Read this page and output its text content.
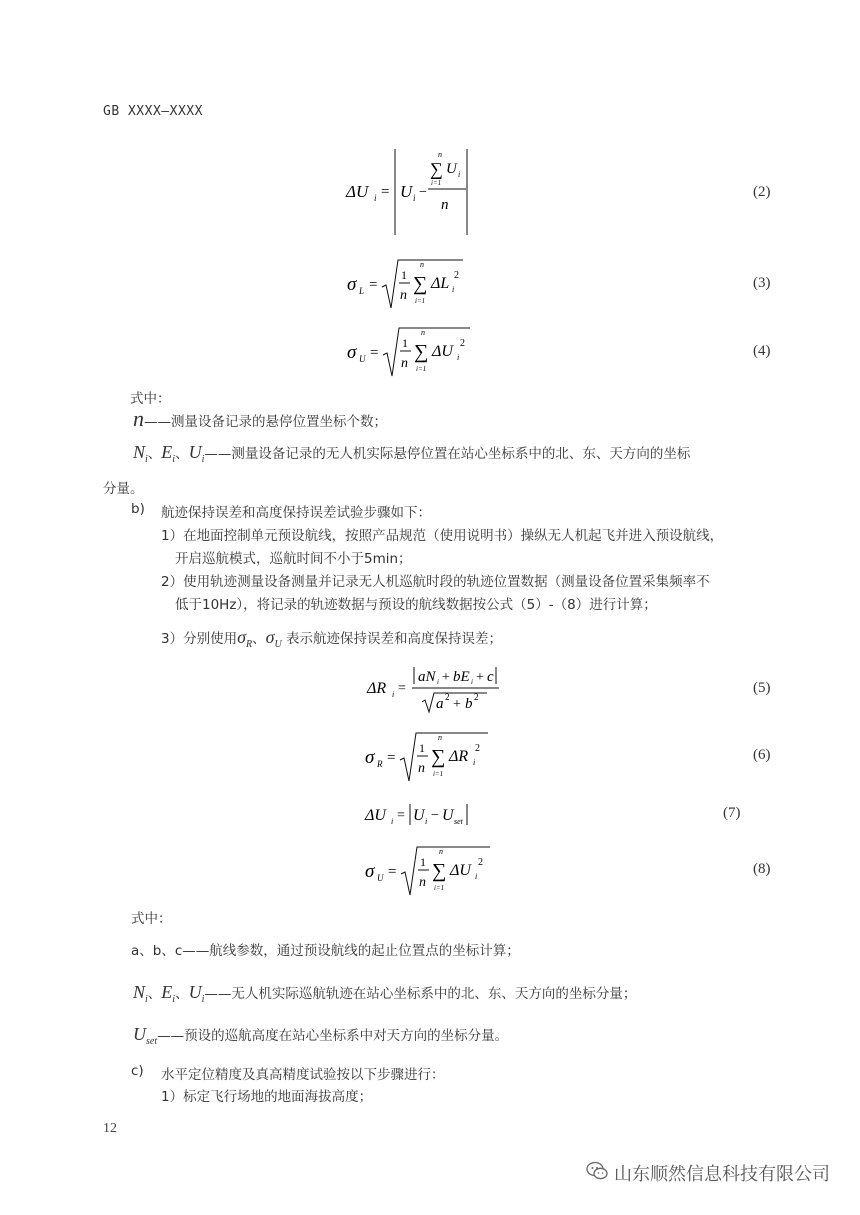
GB XXXX—XXXX
ΔU i = U i −
n
∑ U i
i=1
n
(2)
σ L =
1
n
n
∑
i=1
ΔL i
2	(3)
σ U =
1
n
n
∑
i=1
ΔU i
2	(4)
式中：
n——测量设备记录的悬停位置坐标个数；
$N_i$、$E_i$、$U_i——$测量设备记录的无人机实际悬停位置在站心坐标系中的北、东、天方向的坐标
分量。
b) 航迹保持误差和高度保持误差试验步骤如下：
1）在地面控制单元预设航线，按照产品规范（使用说明书）操纵无人机起飞并进入预设航线，
开启巡航模式，巡航时间不小于5min；
2）使用轨迹测量设备测量并记录无人机巡航时段的轨迹位置数据（测量设备位置采集频率不
低于10Hz），将记录的轨迹数据与预设的航线数据按公式（5）-（8）进行计算；
3）分别使用$\sigma_R$、$\sigma_U$ 表示航迹保持误差和高度保持误差；
ΔR i =
aN i + bE i + c
a 2 + b 2
(5)
σ R =
1
n
n
∑
i=1
ΔR i
2	(6)
ΔU i = U i − U set
(7)
σ U =
1
n
n
∑
i=1
ΔU i
2	(8)
式中：
a、b、c——航线参数，通过预设航线的起止位置点的坐标计算；
$N_i$、$E_i$、$U_i——$无人机实际巡航轨迹在站心坐标系中的北、东、天方向的坐标分量；
$U_{set}——$预设的巡航高度在站心坐标系中对天方向的坐标分量。
c) 水平定位精度及真高精度试验按以下步骤进行：
1）标定飞行场地的地面海拔高度；
12
山东顺然信息科技有限公司
